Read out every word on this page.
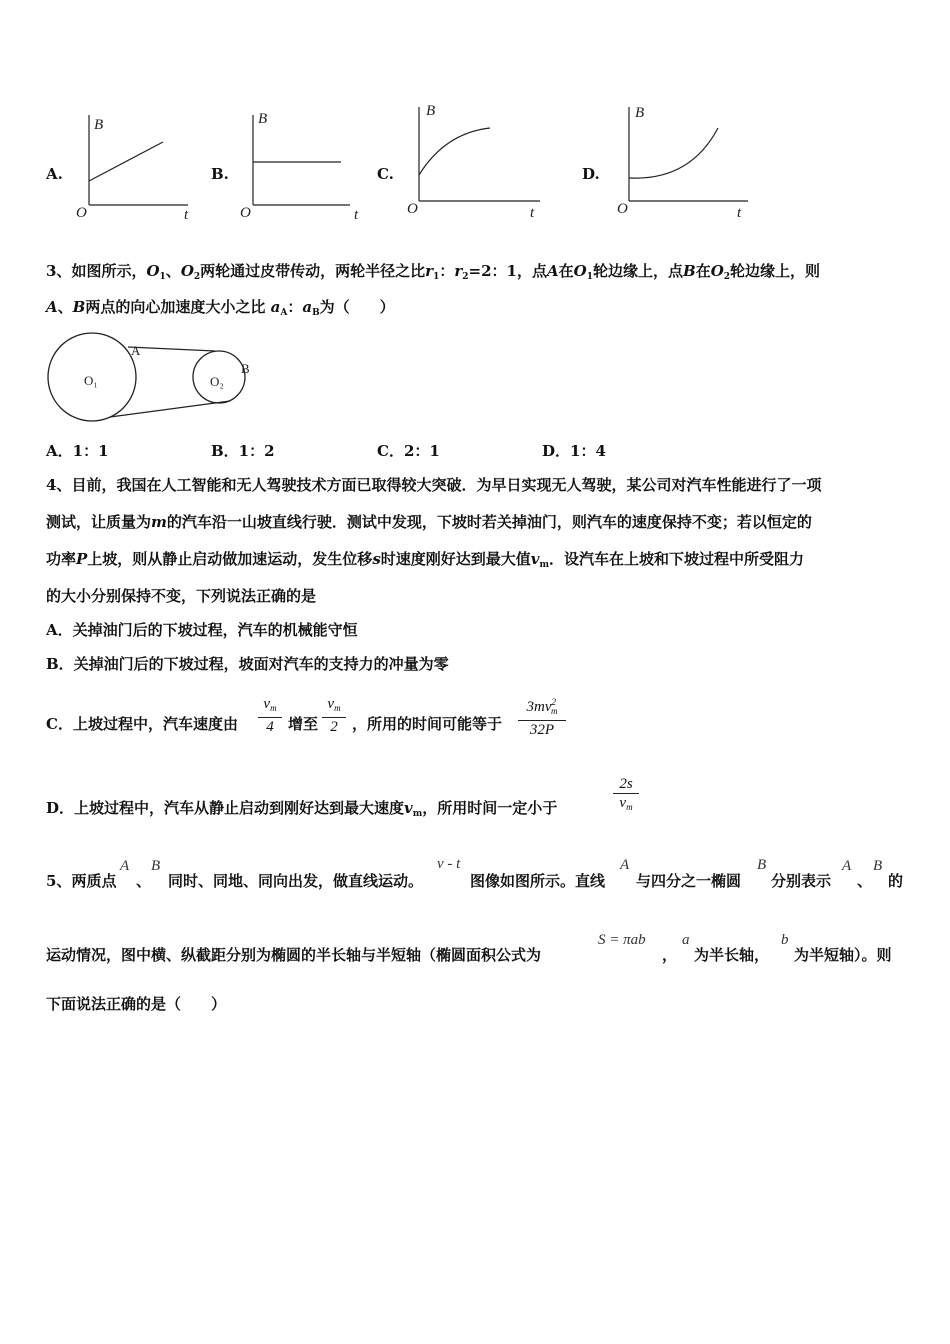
A.	B.	C.	D.
B
t
O
B
t
O
B
t
O
B
t
O
3、如图所示，$O_1$、$O_2$两轮通过皮带传动，两轮半径之比$r_1$：$r_2=2$：1，点A在$O_1$轮边缘上，点B在$O_2$轮边缘上，则
A、B两点的向心加速度大小之比 $a_A$：$a_B$为（　　）
O₁	O₂
A
B
A．1：1	B．1：2	C．2：1	D．1：4
4、目前，我国在人工智能和无人驾驶技术方面已取得较大突破．为早日实现无人驾驶，某公司对汽车性能进行了一项
测试，让质量为m的汽车沿一山坡直线行驶．测试中发现，下坡时若关掉油门，则汽车的速度保持不变；若以恒定的
功率P上坡，则从静止启动做加速运动，发生位移s时速度刚好达到最大值$v_m$．设汽车在上坡和下坡过程中所受阻力
的大小分别保持不变，下列说法正确的是
A．关掉油门后的下坡过程，汽车的机械能守恒
B．关掉油门后的下坡过程，坡面对汽车的支持力的冲量为零
C．上坡过程中，汽车速度由 $\frac{v_m}{4}$ 增至 $\frac{v_m}{2}$ ，所用的时间可能等于 $\frac{3mv^2_m}{32P}$
D．上坡过程中，汽车从静止启动到刚好达到最大速度$v_m$，所用时间一定小于	$\frac{2s}{v_m}$
5、两质点
A
、
B
同时、同地、同向出发，做直线运动。
v - t
图像如图所示。直线
A
与四分之一椭圆
B
分别表示
A
、
B
的
运动情况，图中横、纵截距分别为椭圆的半长轴与半短轴（椭圆面积公式为
S = πab
，
a
为半长轴，
b
为半短轴）。则
下面说法正确的是（　　）
